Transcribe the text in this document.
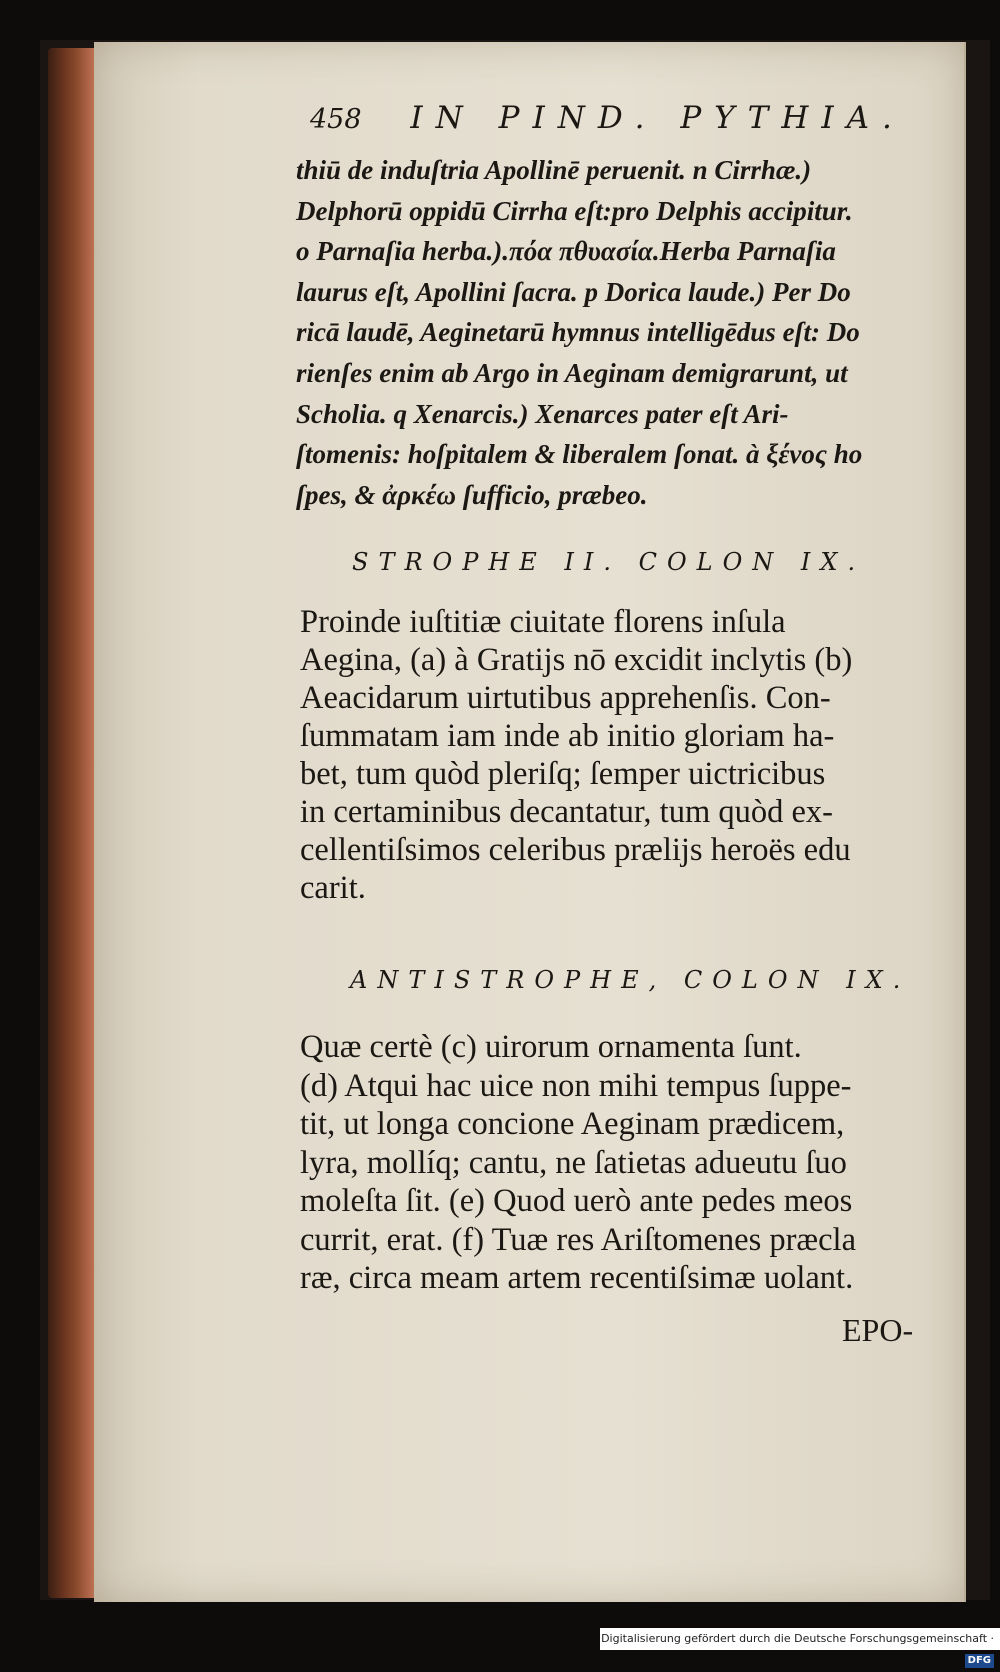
458 IN PIND. PYTHIA.
thiū de induſtria Apollinē peruenit. n Cirrhæ.)
Delphorū oppidū Cirrha eſt:pro Delphis accipitur.
o Parnaſia herba.).πόα πθυασία.Herba Parnaſia
laurus eſt, Apollini ſacra. p Dorica laude.) Per Do
ricā laudē, Aeginetarū hymnus intelligēdus eſt: Do
rienſes enim ab Argo in Aeginam demigrarunt, ut
Scholia. q Xenarcis.) Xenarces pater eſt Ari-
ſtomenis: hoſpitalem & liberalem ſonat. à ξένος ho
ſpes, & ἀρκέω ſufficio, præbeo.
STROPHE II. COLON IX.
Proinde iuſtitiæ ciuitate florens inſula
Aegina, (a) à Gratijs nō excidit inclytis (b)
Aeacidarum uirtutibus apprehenſis. Con-
ſummatam iam inde ab initio gloriam ha-
bet, tum quòd pleriſq; ſemper uictricibus
in certaminibus decantatur, tum quòd ex-
cellentiſsimos celeribus prælijs heroës edu
carit.
ANTISTROPHE, COLON IX.
Quæ certè (c) uirorum ornamenta ſunt.
(d) Atqui hac uice non mihi tempus ſuppe-
tit, ut longa concione Aeginam prædicem,
lyra, mollíq; cantu, ne ſatietas adueutu ſuo
moleſta ſit. (e) Quod uerò ante pedes meos
currit, erat. (f) Tuæ res Ariſtomenes præcla
ræ, circa meam artem recentiſsimæ uolant.
EPO-
Digitalisierung gefördert durch die Deutsche Forschungsgemeinschaft · DFG
